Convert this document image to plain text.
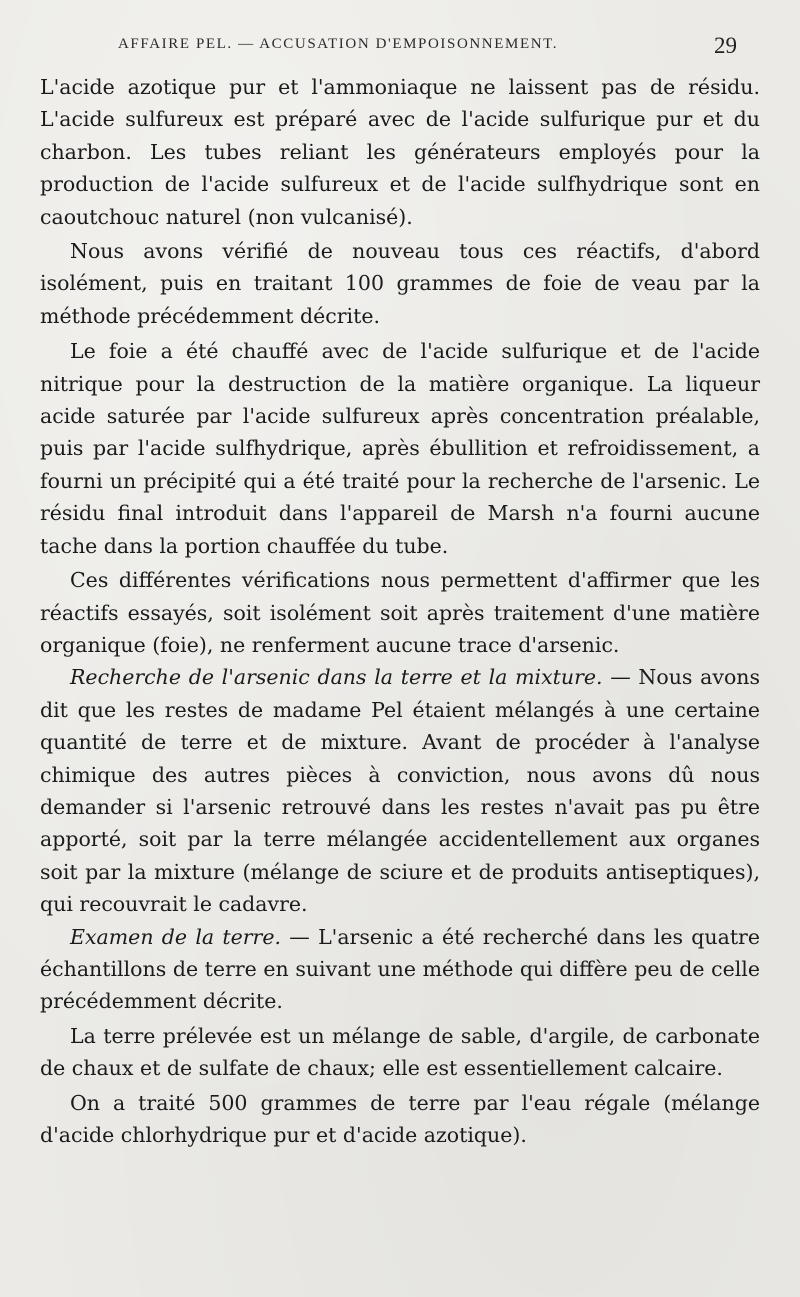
AFFAIRE PEL. — ACCUSATION D'EMPOISONNEMENT.	29

L'acide azotique pur et l'ammoniaque ne laissent pas de résidu. L'acide sulfureux est préparé avec de l'acide sulfurique pur et du charbon. Les tubes reliant les générateurs employés pour la production de l'acide sulfureux et de l'acide sulfhydrique sont en caoutchouc naturel (non vulcanisé).

Nous avons vérifié de nouveau tous ces réactifs, d'abord isolément, puis en traitant 100 grammes de foie de veau par la méthode précédemment décrite.

Le foie a été chauffé avec de l'acide sulfurique et de l'acide nitrique pour la destruction de la matière organique. La liqueur acide saturée par l'acide sulfureux après concentration préalable, puis par l'acide sulfhydrique, après ébullition et refroidissement, a fourni un précipité qui a été traité pour la recherche de l'arsenic. Le résidu final introduit dans l'appareil de Marsh n'a fourni aucune tache dans la portion chauffée du tube.

Ces différentes vérifications nous permettent d'affirmer que les réactifs essayés, soit isolément soit après traitement d'une matière organique (foie), ne renferment aucune trace d'arsenic.

Recherche de l'arsenic dans la terre et la mixture. — Nous avons dit que les restes de madame Pel étaient mélangés à une certaine quantité de terre et de mixture. Avant de procéder à l'analyse chimique des autres pièces à conviction, nous avons dû nous demander si l'arsenic retrouvé dans les restes n'avait pas pu être apporté, soit par la terre mélangée accidentellement aux organes soit par la mixture (mélange de sciure et de produits antiseptiques), qui recouvrait le cadavre.

Examen de la terre. — L'arsenic a été recherché dans les quatre échantillons de terre en suivant une méthode qui diffère peu de celle précédemment décrite.

La terre prélevée est un mélange de sable, d'argile, de carbonate de chaux et de sulfate de chaux; elle est essentiellement calcaire.

On a traité 500 grammes de terre par l'eau régale (mélange d'acide chlorhydrique pur et d'acide azotique).
